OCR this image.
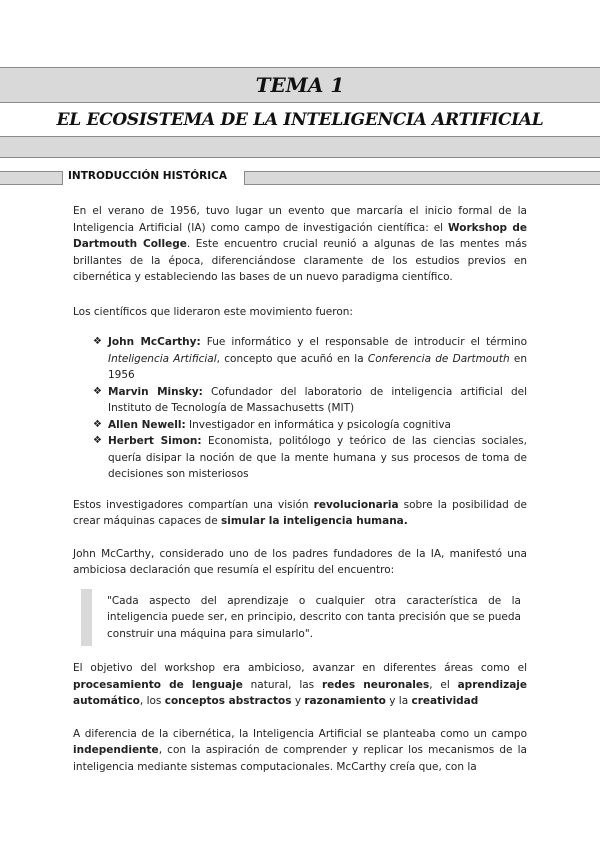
TEMA 1
EL ECOSISTEMA DE LA INTELIGENCIA ARTIFICIAL
INTRODUCCIÓN HISTÓRICA

En el verano de 1956, tuvo lugar un evento que marcaría el inicio formal de la Inteligencia Artificial (IA) como campo de investigación científica: el Workshop de Dartmouth College. Este encuentro crucial reunió a algunas de las mentes más brillantes de la época, diferenciándose claramente de los estudios previos en cibernética y estableciendo las bases de un nuevo paradigma científico.

Los científicos que lideraron este movimiento fueron:

❖ John McCarthy: Fue informático y el responsable de introducir el término Inteligencia Artificial, concepto que acuñó en la Conferencia de Dartmouth en 1956
❖ Marvin Minsky: Cofundador del laboratorio de inteligencia artificial del Instituto de Tecnología de Massachusetts (MIT)
❖ Allen Newell: Investigador en informática y psicología cognitiva
❖ Herbert Simon: Economista, politólogo y teórico de las ciencias sociales, quería disipar la noción de que la mente humana y sus procesos de toma de decisiones son misteriosos

Estos investigadores compartían una visión revolucionaria sobre la posibilidad de crear máquinas capaces de simular la inteligencia humana.

John McCarthy, considerado uno de los padres fundadores de la IA, manifestó una ambiciosa declaración que resumía el espíritu del encuentro:

"Cada aspecto del aprendizaje o cualquier otra característica de la inteligencia puede ser, en principio, descrito con tanta precisión que se pueda construir una máquina para simularlo".

El objetivo del workshop era ambicioso, avanzar en diferentes áreas como el procesamiento de lenguaje natural, las redes neuronales, el aprendizaje automático, los conceptos abstractos y razonamiento y la creatividad

A diferencia de la cibernética, la Inteligencia Artificial se planteaba como un campo independiente, con la aspiración de comprender y replicar los mecanismos de la inteligencia mediante sistemas computacionales. McCarthy creía que, con la
